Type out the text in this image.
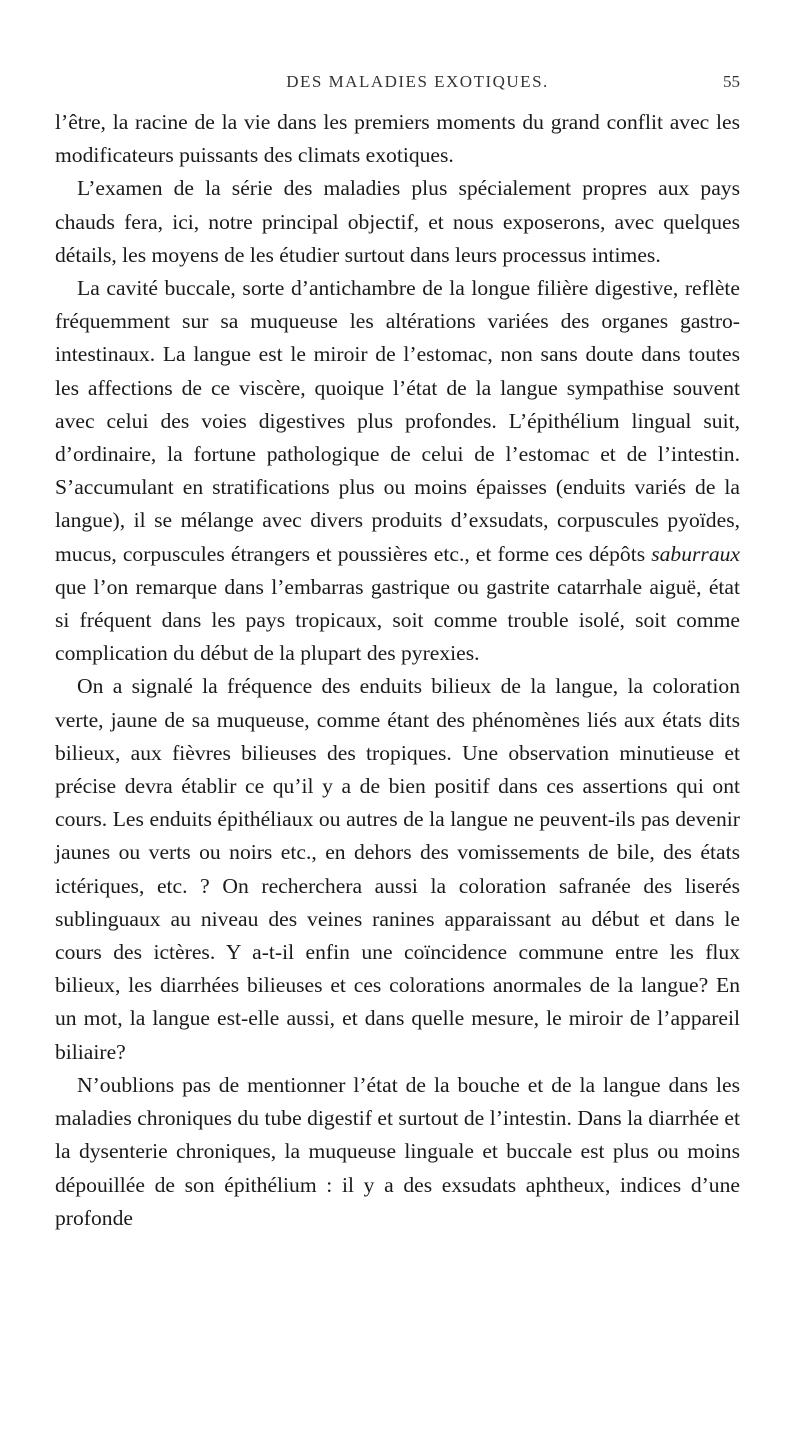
DES MALADIES EXOTIQUES.	55

l’être, la racine de la vie dans les premiers moments du grand conflit avec les modificateurs puissants des climats exotiques.

L’examen de la série des maladies plus spécialement propres aux pays chauds fera, ici, notre principal objectif, et nous exposerons, avec quelques détails, les moyens de les étudier surtout dans leurs processus intimes.

La cavité buccale, sorte d’antichambre de la longue filière digestive, reflète fréquemment sur sa muqueuse les altérations variées des organes gastro-intestinaux. La langue est le miroir de l’estomac, non sans doute dans toutes les affections de ce viscère, quoique l’état de la langue sympathise souvent avec celui des voies digestives plus profondes. L’épithélium lingual suit, d’ordinaire, la fortune pathologique de celui de l’estomac et de l’intestin. S’accumulant en stratifications plus ou moins épaisses (enduits variés de la langue), il se mélange avec divers produits d’exsudats, corpuscules pyoïdes, mucus, corpuscules étrangers et poussières etc., et forme ces dépôts saburraux que l’on remarque dans l’embarras gastrique ou gastrite catarrhale aiguë, état si fréquent dans les pays tropicaux, soit comme trouble isolé, soit comme complication du début de la plupart des pyrexies.

On a signalé la fréquence des enduits bilieux de la langue, la coloration verte, jaune de sa muqueuse, comme étant des phénomènes liés aux états dits bilieux, aux fièvres bilieuses des tropiques. Une observation minutieuse et précise devra établir ce qu’il y a de bien positif dans ces assertions qui ont cours. Les enduits épithéliaux ou autres de la langue ne peuvent-ils pas devenir jaunes ou verts ou noirs etc., en dehors des vomissements de bile, des états ictériques, etc. ? On recherchera aussi la coloration safranée des liserés sublinguaux au niveau des veines ranines apparaissant au début et dans le cours des ictères. Y a-t-il enfin une coïncidence commune entre les flux bilieux, les diarrhées bilieuses et ces colorations anormales de la langue? En un mot, la langue est-elle aussi, et dans quelle mesure, le miroir de l’appareil biliaire?

N’oublions pas de mentionner l’état de la bouche et de la langue dans les maladies chroniques du tube digestif et surtout de l’intestin. Dans la diarrhée et la dysenterie chroniques, la muqueuse linguale et buccale est plus ou moins dépouillée de son épithélium : il y a des exsudats aphtheux, indices d’une profonde
